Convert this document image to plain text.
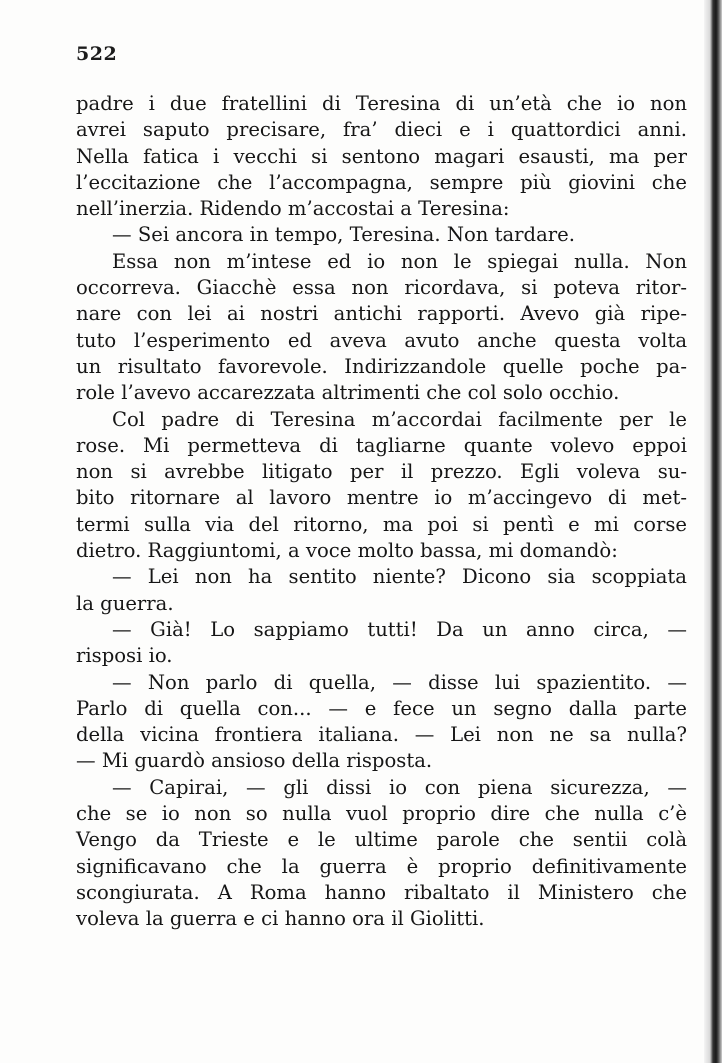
522
padre i due fratellini di Teresina di un’età che io non
avrei saputo precisare, fra’ dieci e i quattordici anni.
Nella fatica i vecchi si sentono magari esausti, ma per
l’eccitazione che l’accompagna, sempre più giovini che
nell’inerzia. Ridendo m’accostai a Teresina:
— Sei ancora in tempo, Teresina. Non tardare.
Essa non m’intese ed io non le spiegai nulla. Non
occorreva. Giacchè essa non ricordava, si poteva ritor-
nare con lei ai nostri antichi rapporti. Avevo già ripe-
tuto l’esperimento ed aveva avuto anche questa volta
un risultato favorevole. Indirizzandole quelle poche pa-
role l’avevo accarezzata altrimenti che col solo occhio.
Col padre di Teresina m’accordai facilmente per le
rose. Mi permetteva di tagliarne quante volevo eppoi
non si avrebbe litigato per il prezzo. Egli voleva su-
bito ritornare al lavoro mentre io m’accingevo di met-
termi sulla via del ritorno, ma poi si pentì e mi corse
dietro. Raggiuntomi, a voce molto bassa, mi domandò:
— Lei non ha sentito niente? Dicono sia scoppiata
la guerra.
— Già! Lo sappiamo tutti! Da un anno circa, —
risposi io.
— Non parlo di quella, — disse lui spazientito. —
Parlo di quella con... — e fece un segno dalla parte
della vicina frontiera italiana. — Lei non ne sa nulla?
— Mi guardò ansioso della risposta.
— Capirai, — gli dissi io con piena sicurezza, —
che se io non so nulla vuol proprio dire che nulla c’è
Vengo da Trieste e le ultime parole che sentii colà
significavano che la guerra è proprio definitivamente
scongiurata. A Roma hanno ribaltato il Ministero che
voleva la guerra e ci hanno ora il Giolitti.
